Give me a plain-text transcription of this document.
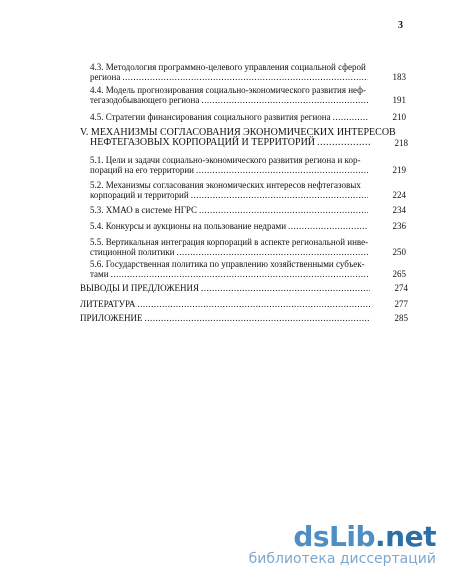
3
4.3. Методология программно-целевого управления социальной сферой
региона .....	183
4.4. Модель прогнозирования социально-экономического развития неф-
тегазодобывающего региона .....	191
4.5. Стратегии финансирования социального развития региона .....	210
V. МЕХАНИЗМЫ СОГЛАСОВАНИЯ ЭКОНОМИЧЕСКИХ ИНТЕРЕСОВ
НЕФТЕГАЗОВЫХ КОРПОРАЦИЙ И ТЕРРИТОРИЙ .....	218
5.1. Цели и задачи социально-экономического развития региона и кор-
пораций на его территории .....	219
5.2. Механизмы согласования экономических интересов нефтегазовых
корпораций и территорий .....	224
5.3. ХМАО в системе НГРС .....	234
5.4. Конкурсы и аукционы на пользование недрами .....	236
5.5. Вертикальная интеграция корпораций в аспекте региональной инве-
стиционной политики .....	250
5.6. Государственная политика по управлению хозяйственными субъек-
тами .....	265
ВЫВОДЫ И ПРЕДЛОЖЕНИЯ .....	274
ЛИТЕРАТУРА .....	277
ПРИЛОЖЕНИЕ .....	285
dsLib.net
библиотека диссертаций
